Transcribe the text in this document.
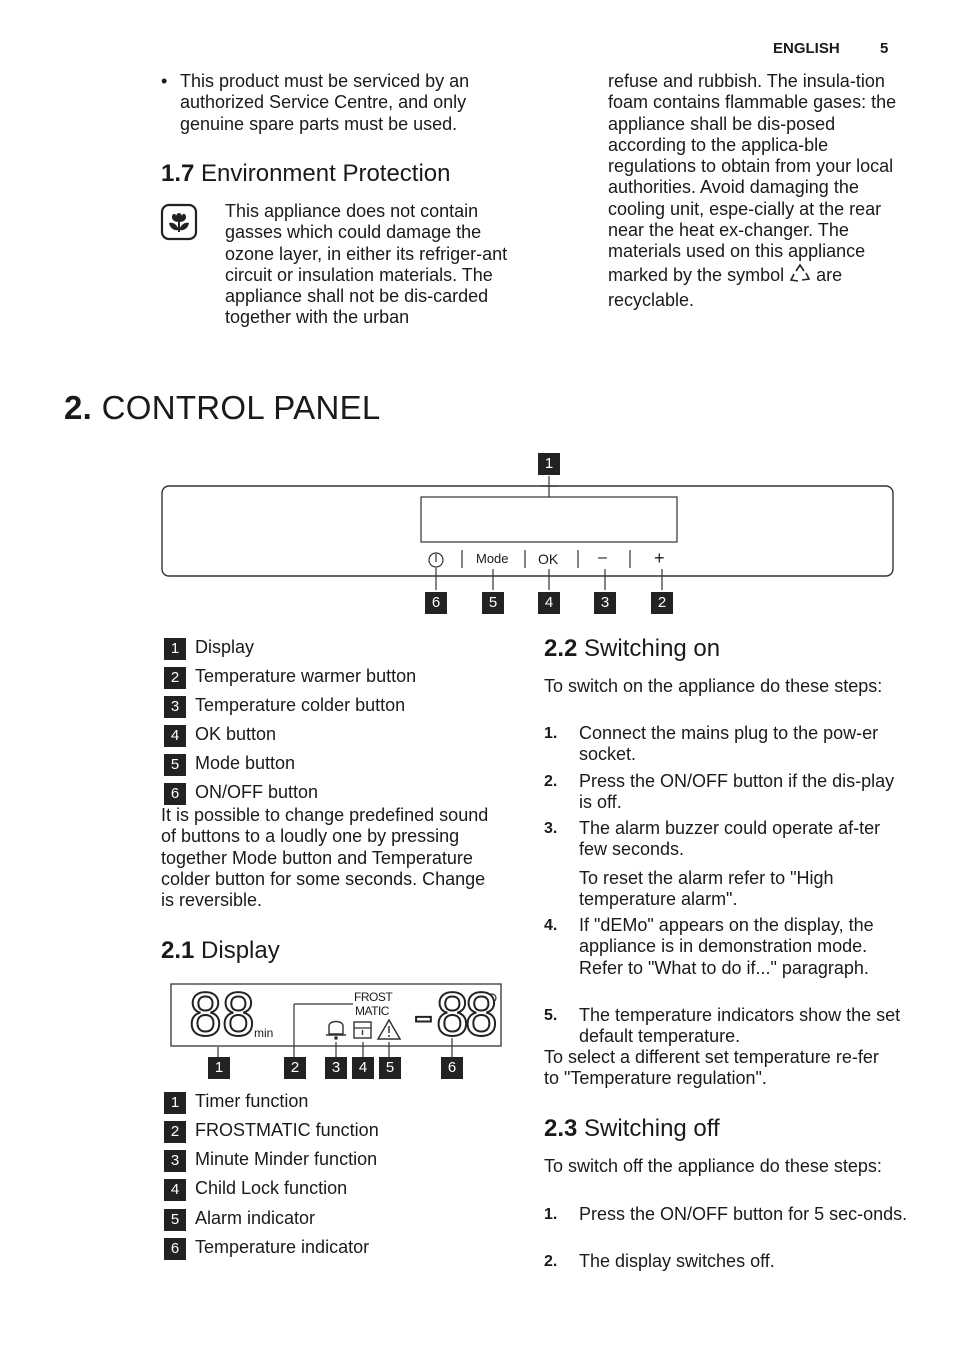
ENGLISH	5
• This product must be serviced by an authorized Service Centre, and only genuine spare parts must be used.
1.7 Environment Protection
This appliance does not contain gasses which could damage the ozone layer, in either its refriger-ant circuit or insulation materials. The appliance shall not be dis-carded together with the urban
refuse and rubbish. The insula-tion foam contains flammable gases: the appliance shall be dis-posed according to the applica-ble regulations to obtain from your local authorities. Avoid damaging the cooling unit, espe-cially at the rear near the heat ex-changer. The materials used on this appliance marked by the symbol are recyclable.
2. CONTROL PANEL
1
Mode OK –	+
6	5	4	3	2
1 Display
2 Temperature warmer button
3 Temperature colder button
4 OK button
5 Mode button
6 ON/OFF button
It is possible to change predefined sound of buttons to a loudly one by pressing together Mode button and Temperature colder button for some seconds. Change is reversible.
2.1 Display
88 min
FROST
MATIC -88
1	2	3	4	5	6
1 Timer function
2 FROSTMATIC function
3 Minute Minder function
4 Child Lock function
5 Alarm indicator
6 Temperature indicator
2.2 Switching on
To switch on the appliance do these steps:
1. Connect the mains plug to the pow-er socket.
2. Press the ON/OFF button if the dis-play is off.
3. The alarm buzzer could operate af-ter few seconds.
To reset the alarm refer to "High temperature alarm".
4. If "dEMo" appears on the display, the appliance is in demonstration mode. Refer to "What to do if..." paragraph.
5. The temperature indicators show the set default temperature.
To select a different set temperature re-fer to "Temperature regulation".
2.3 Switching off
To switch off the appliance do these steps:
1. Press the ON/OFF button for 5 sec-onds.
2. The display switches off.
